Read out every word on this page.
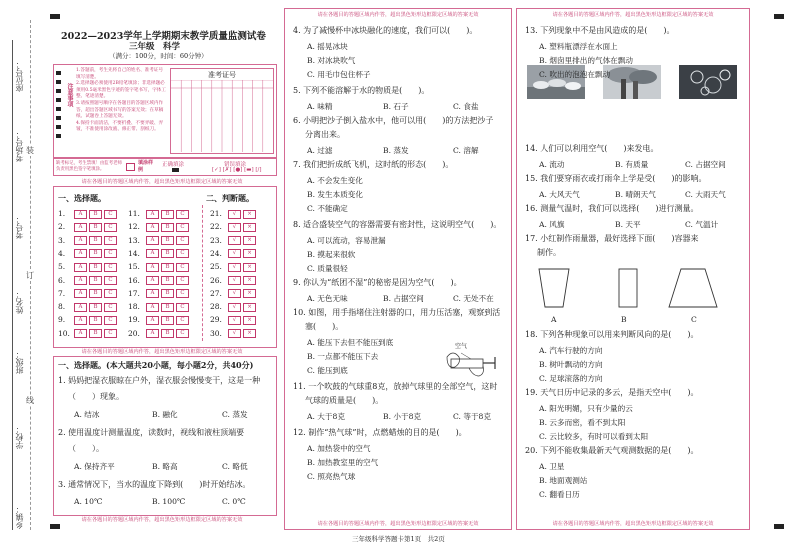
座位号：
考场号：
考号：
姓名：
班级：
学校：
乡镇：
装
订
线
2022—2023学年上学期期末教学质量监测试卷
三年级　科学
（满分：100分，时间：60分钟）
注意事项
1.答题前，考生先将自己的姓名、准考证号填写清楚。
2.选择题必须使用2B铅笔填涂；非选择题必须用0.5毫米黑色字迹的签字笔书写，字体工整、笔迹清楚。
3.请按照题号顺序在各题目的答题区域内作答，超出答题区域书写的答案无效；在草稿纸、试题卷上答题无效。
4.保持卡面清洁，不要折叠、不要弄破、弄皱，不准使用涂改液、修正带、刮纸刀。
准考证号
缺考标记，考生禁填！由监考老师负责用黑色签字笔填涂。
填涂样例
正确填涂	错误填涂
[✓] [✗] [●] [▬] [/]
请在各题目的答题区域内作答，超出黑色矩形边框限定区域的答案无效
一、选择题。	二、判断题。
1. A B C	11. A B C	21. √ ×
2. A B C	12. A B C	22. √ ×
3. A B C	13. A B C	23. √ ×
4. A B C	14. A B C	24. √ ×
5. A B C	15. A B C	25. √ ×
6. A B C	16. A B C	26. √ ×
7. A B C	17. A B C	27. √ ×
8. A B C	18. A B C	28. √ ×
9. A B C	19. A B C	29. √ ×
10. A B C	20. A B C	30. √ ×
请在各题目的答题区域内作答，超出黑色矩形边框限定区域的答案无效
一、选择题。(本大题共20小题，每小题2分，共40分)
1. 妈妈把湿衣服晾在户外，湿衣服会慢慢变干，这是一种
（　　）现象。
A. 结冰	B. 融化	C. 蒸发
2. 使用温度计测量温度，读数时，视线和液柱顶端要
（　　）。
A. 保持齐平	B. 略高	C. 略低
3. 通常情况下，当水的温度下降到(　　)时开始结冰。
A. 10℃	B. 100℃	C. 0℃
请在各题目的答题区域内作答，超出黑色矩形边框限定区域的答案无效
请在各题目的答题区域内作答，超出黑色矩形边框限定区域的答案无效
4. 为了减慢杯中冰块融化的速度，我们可以(　　)。
A. 摇晃冰块
B. 对冰块吹气
C. 用毛巾包住杯子
5. 下列不能溶解于水的物质是(　　)。
A. 味精	B. 石子	C. 食盐
6. 小明把沙子倒入盐水中，他可以用(　　)的方法把沙子
分离出来。
A. 过滤	B. 蒸发	C. 溶解
7. 我们把折成纸飞机，这时纸的形态(　　)。
A. 不会发生变化
B. 发生本质变化
C. 不能确定
8. 适合盛装空气的容器需要有密封性，这说明空气(　　)。
A. 可以流动，容易泄漏
B. 摸起来很软
C. 质量很轻
9. 你认为“纸团不湿”的秘密是因为空气(　　)。
A. 无色无味	B. 占据空间	C. 无处不在
10. 如图，用手指堵住注射器的口，用力压活塞，观察到活
塞(　　)。
A. 能压下去但不能压到底
B. 一点都不能压下去
C. 能压到底
11. 一个吹鼓的气球重8克，放掉气球里的全部空气，这时
气球的质量是(　　)。
A. 大于8克	B. 小于8克	C. 等于8克
12. 制作“热气球”时，点燃蜡烛的目的是(　　)。
A. 加热袋中的空气
B. 加热教室里的空气
C. 照亮热气球
空气
请在各题目的答题区域内作答，超出黑色矩形边框限定区域的答案无效
请在各题目的答题区域内作答，超出黑色矩形边框限定区域的答案无效
13. 下列现象中不是由风造成的是(　　)。
A. 塑料瓶漂浮在水面上
B. 烟囱里排出的气体在飘动
C. 吹出的泡泡在飘动
14. 人们可以利用空气(　　)来发电。
A. 流动	B. 有质量	C. 占据空间
15. 我们要穿雨衣或打雨伞上学是受(　　)的影响。
A. 大风天气	B. 晴朗天气	C. 大雨天气
16. 测量气温时，我们可以选择(　　)进行测量。
A. 风旗	B. 天平	C. 气温计
17. 小红制作雨量器，最好选择下面(　　)容器来
制作。
A	B	C
18. 下列各种现象可以用来判断风向的是(　　)。
A. 汽车行驶的方向
B. 树叶飘动的方向
C. 足球滚落的方向
19. 天气日历中记录的多云，是指天空中(　　)。
A. 阳光明媚，只有少量的云
B. 云多而密，看不到太阳
C. 云比较多，有时可以看到太阳
20. 下列不能收集最新天气观测数据的是(　　)。
A. 卫星
B. 地面观测站
C. 翻看日历
请在各题目的答题区域内作答，超出黑色矩形边框限定区域的答案无效
三年级科学答题卡第1页　共2页
